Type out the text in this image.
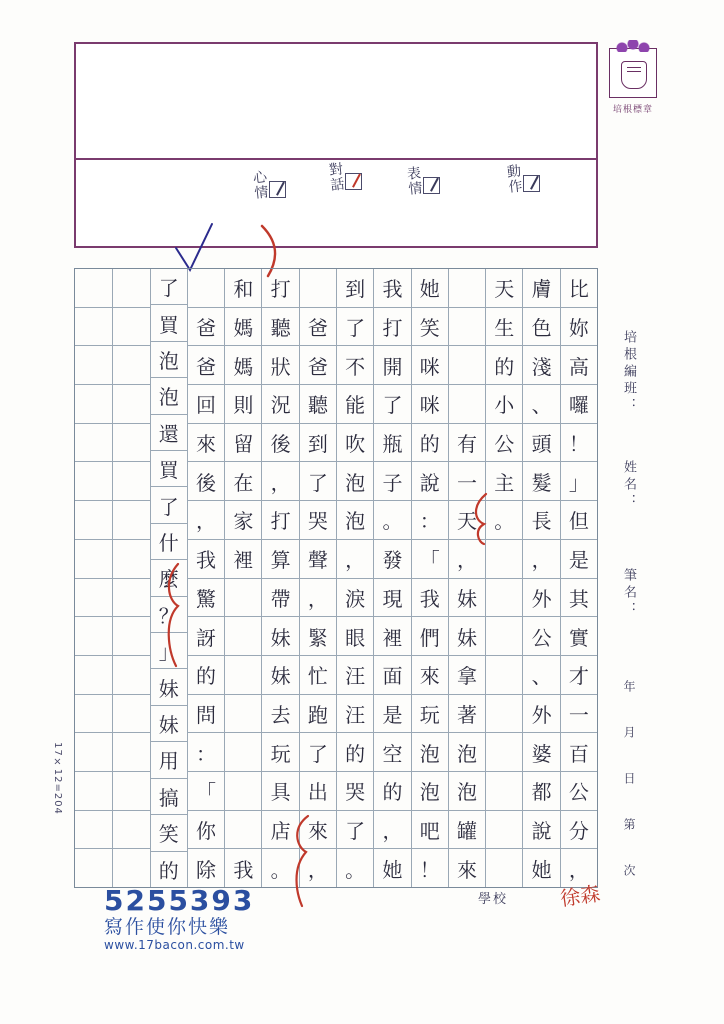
培根標章
心情	對話	表情	動作
培根編班：
姓名：
筆名：
年 月 日 第 次
比
妳
高
囉
！
」
但
是
其
實
才
一
百
公
分
，
膚
色
淺
、
頭
髮
長
，
外
公
、
外
婆
都
說
她
天
生
的
小
公
主
。
有
一
天
，
妹
妹
拿
著
泡
泡
罐
來
她
笑
咪
咪
的
說
：
「
我
們
來
玩
泡
泡
吧
！
我
打
開
了
瓶
子
。
發
現
裡
面
是
空
的
，
她
到
了
不
能
吹
泡
泡
，
淚
眼
汪
汪
的
哭
了
。
爸
爸
聽
到
了
哭
聲
，
緊
忙
跑
了
出
來
，
打
聽
狀
況
後
，
打
算
帶
妹
妹
去
玩
具
店
。
和
媽
媽
則
留
在
家
裡
我
爸
爸
回
來
後
，
我
驚
訝
的
問
：
「
你
除
了
買
泡
泡
還
買
了
什
麼
？
」
妹
妹
用
搞
笑
的
17×12=204
5255393
寫作使你快樂
www.17bacon.com.tw
學校	徐森
